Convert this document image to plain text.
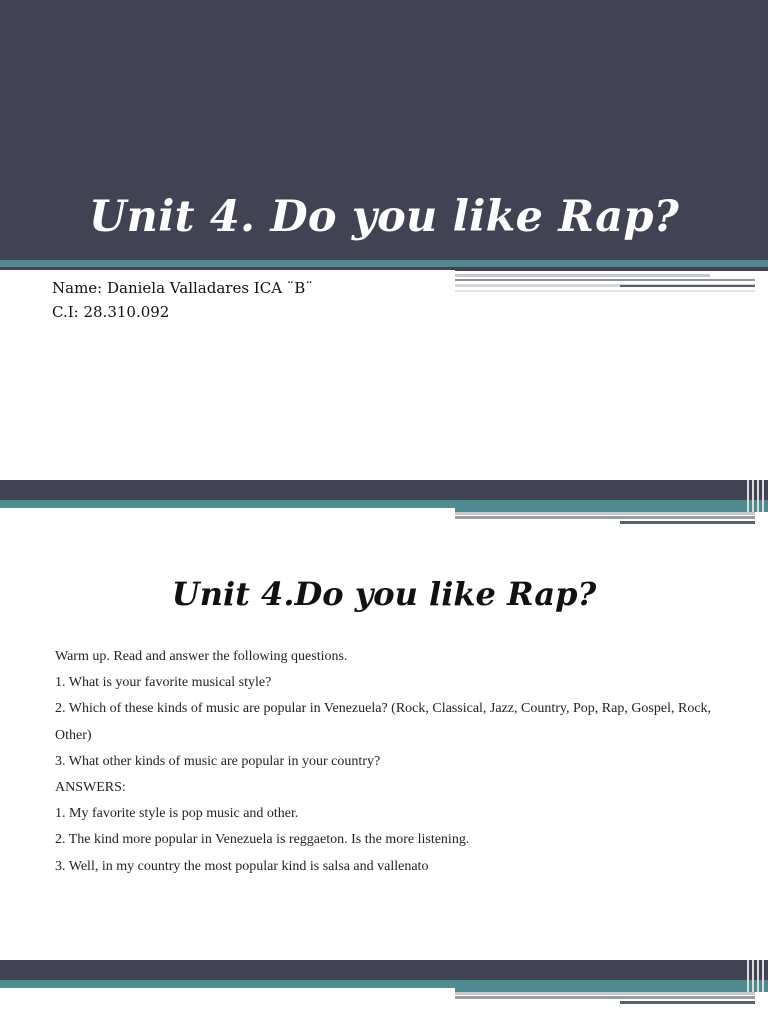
Unit 4. Do you like Rap?
Name: Daniela Valladares ICA ¨B¨
C.I: 28.310.092
Unit 4.Do you like Rap?
Warm up. Read and answer the following questions.
1. What is your favorite musical style?
2. Which of these kinds of music are popular in Venezuela? (Rock, Classical, Jazz, Country, Pop, Rap, Gospel, Rock,
Other)
3. What other kinds of music are popular in your country?
ANSWERS:
1. My favorite style is pop music and other.
2. The kind more popular in Venezuela is reggaeton. Is the more listening.
3. Well, in my country the most popular kind is salsa and vallenato
